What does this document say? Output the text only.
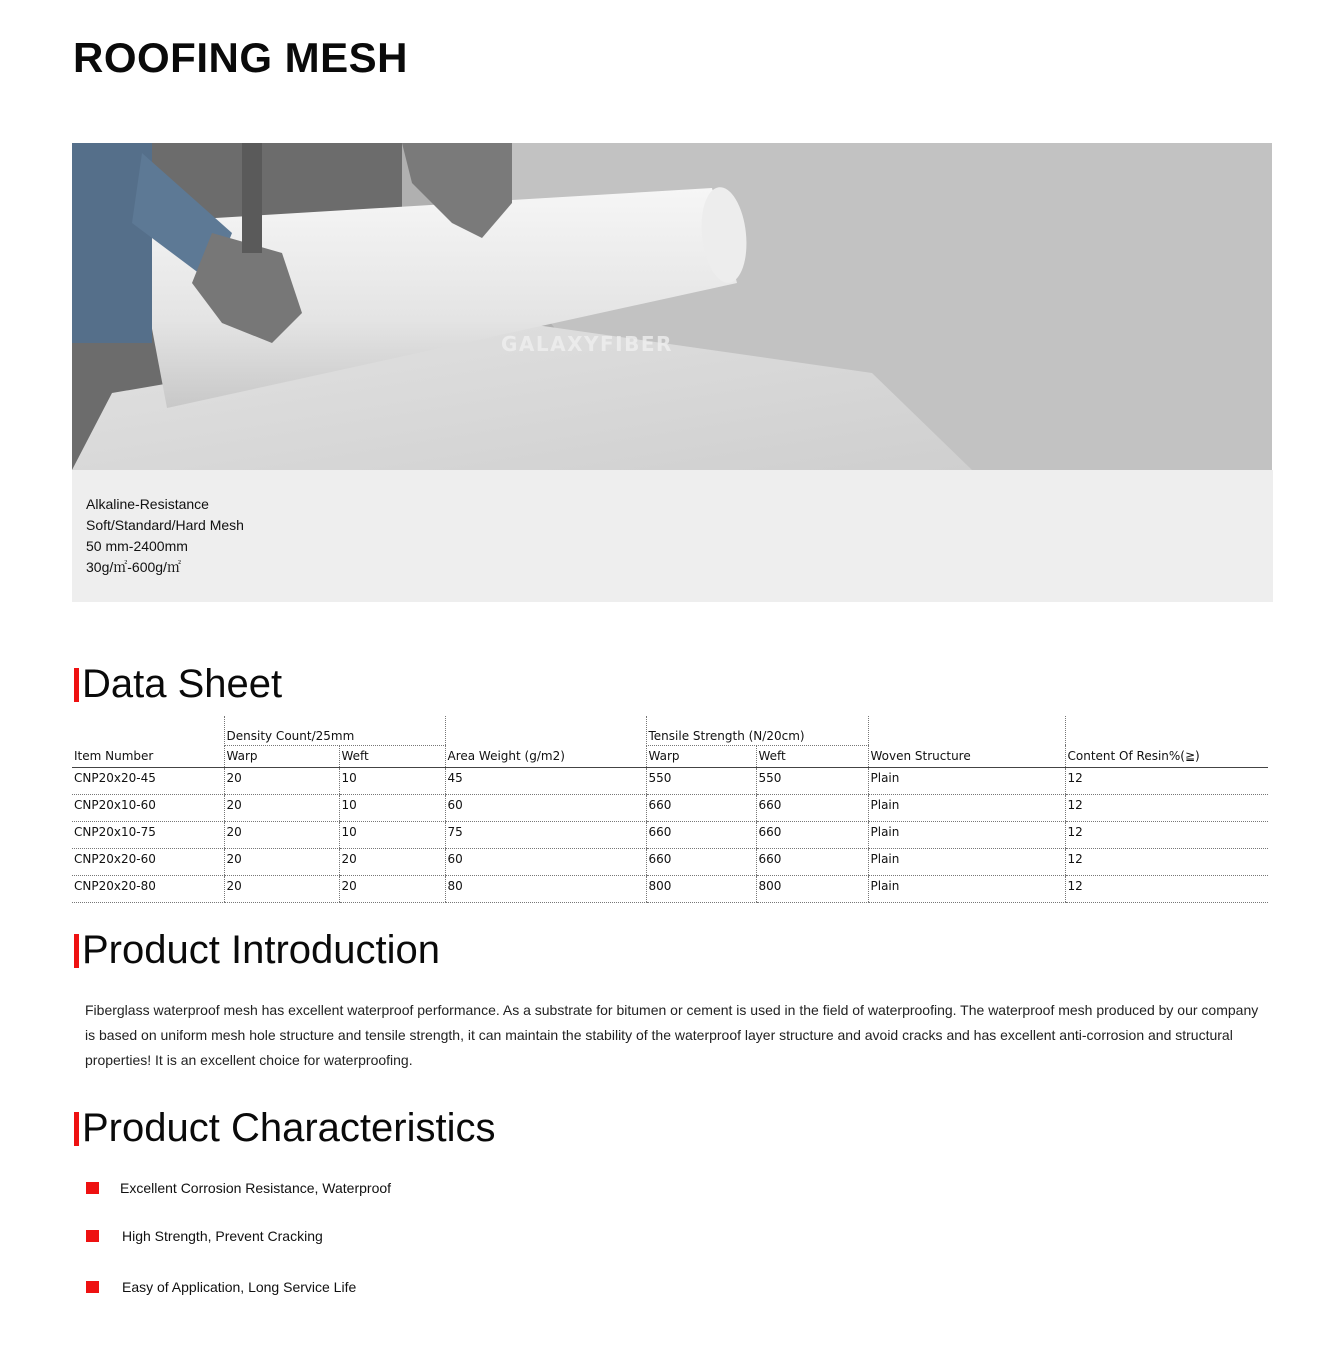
ROOFING MESH
GALAXYFIBER
Alkaline-Resistance
Soft/Standard/Hard Mesh
50 mm-2400mm
30g/㎡-600g/㎡
Data Sheet
	Density Count/25mm			Tensile Strength (N/20cm)			
Item Number	Warp	Weft	Area Weight (g/m2)	Warp	Weft	Woven Structure	Content Of Resin%(≧)
CNP20x20-45	20	10	45	550	550	Plain	12
CNP20x10-60	20	10	60	660	660	Plain	12
CNP20x10-75	20	10	75	660	660	Plain	12
CNP20x20-60	20	20	60	660	660	Plain	12
CNP20x20-80	20	20	80	800	800	Plain	12
Product Introduction

Fiberglass waterproof mesh has excellent waterproof performance. As a substrate for bitumen or cement is used in the field of waterproofing. The waterproof mesh produced by our company is based on uniform mesh hole structure and tensile strength, it can maintain the stability of the waterproof layer structure and avoid cracks and has excellent anti-corrosion and structural properties! It is an excellent choice for waterproofing.

Product Characteristics
Excellent Corrosion Resistance, Waterproof
High Strength, Prevent Cracking
Easy of Application, Long Service Life
